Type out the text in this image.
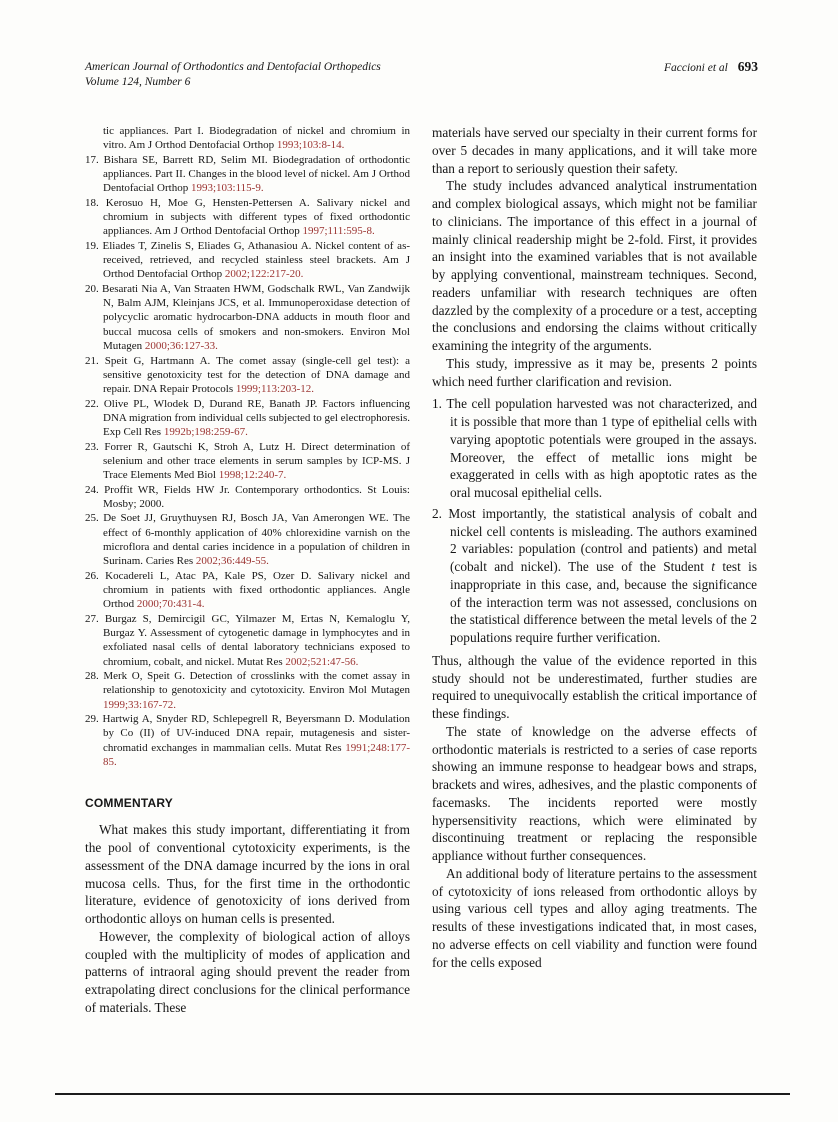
American Journal of Orthodontics and Dentofacial Orthopedics
Volume 124, Number 6
Faccioni et al 693
tic appliances. Part I. Biodegradation of nickel and chromium in vitro. Am J Orthod Dentofacial Orthop 1993;103:8-14.
17. Bishara SE, Barrett RD, Selim MI. Biodegradation of orthodontic appliances. Part II. Changes in the blood level of nickel. Am J Orthod Dentofacial Orthop 1993;103:115-9.
18. Kerosuo H, Moe G, Hensten-Pettersen A. Salivary nickel and chromium in subjects with different types of fixed orthodontic appliances. Am J Orthod Dentofacial Orthop 1997;111:595-8.
19. Eliades T, Zinelis S, Eliades G, Athanasiou A. Nickel content of as-received, retrieved, and recycled stainless steel brackets. Am J Orthod Dentofacial Orthop 2002;122:217-20.
20. Besarati Nia A, Van Straaten HWM, Godschalk RWL, Van Zandwijk N, Balm AJM, Kleinjans JCS, et al. Immunoperoxidase detection of polycyclic aromatic hydrocarbon-DNA adducts in mouth floor and buccal mucosa cells of smokers and non-smokers. Environ Mol Mutagen 2000;36:127-33.
21. Speit G, Hartmann A. The comet assay (single-cell gel test): a sensitive genotoxicity test for the detection of DNA damage and repair. DNA Repair Protocols 1999;113:203-12.
22. Olive PL, Wlodek D, Durand RE, Banath JP. Factors influencing DNA migration from individual cells subjected to gel electrophoresis. Exp Cell Res 1992b;198:259-67.
23. Forrer R, Gautschi K, Stroh A, Lutz H. Direct determination of selenium and other trace elements in serum samples by ICP-MS. J Trace Elements Med Biol 1998;12:240-7.
24. Proffit WR, Fields HW Jr. Contemporary orthodontics. St Louis: Mosby; 2000.
25. De Soet JJ, Gruythuysen RJ, Bosch JA, Van Amerongen WE. The effect of 6-monthly application of 40% chlorexidine varnish on the microflora and dental caries incidence in a population of children in Surinam. Caries Res 2002;36:449-55.
26. Kocadereli L, Atac PA, Kale PS, Ozer D. Salivary nickel and chromium in patients with fixed orthodontic appliances. Angle Orthod 2000;70:431-4.
27. Burgaz S, Demircigil GC, Yilmazer M, Ertas N, Kemaloglu Y, Burgaz Y. Assessment of cytogenetic damage in lymphocytes and in exfoliated nasal cells of dental laboratory technicians exposed to chromium, cobalt, and nickel. Mutat Res 2002;521:47-56.
28. Merk O, Speit G. Detection of crosslinks with the comet assay in relationship to genotoxicity and cytotoxicity. Environ Mol Mutagen 1999;33:167-72.
29. Hartwig A, Snyder RD, Schlepegrell R, Beyersmann D. Modulation by Co (II) of UV-induced DNA repair, mutagenesis and sister-chromatid exchanges in mammalian cells. Mutat Res 1991;248:177-85.
COMMENTARY

What makes this study important, differentiating it from the pool of conventional cytotoxicity experiments, is the assessment of the DNA damage incurred by the ions in oral mucosa cells. Thus, for the first time in the orthodontic literature, evidence of genotoxicity of ions derived from orthodontic alloys on human cells is presented.

However, the complexity of biological action of alloys coupled with the multiplicity of modes of application and patterns of intraoral aging should prevent the reader from extrapolating direct conclusions for the clinical performance of materials. These

materials have served our specialty in their current forms for over 5 decades in many applications, and it will take more than a report to seriously question their safety.

The study includes advanced analytical instrumentation and complex biological assays, which might not be familiar to clinicians. The importance of this effect in a journal of mainly clinical readership might be 2-fold. First, it provides an insight into the examined variables that is not available by applying conventional, mainstream techniques. Second, readers unfamiliar with research techniques are often dazzled by the complexity of a procedure or a test, accepting the conclusions and endorsing the claims without critically examining the integrity of the arguments.

This study, impressive as it may be, presents 2 points which need further clarification and revision.

1. The cell population harvested was not characterized, and it is possible that more than 1 type of epithelial cells with varying apoptotic potentials were grouped in the assays. Moreover, the effect of metallic ions might be exaggerated in cells with as high apoptotic rates as the oral mucosal epithelial cells.
2. Most importantly, the statistical analysis of cobalt and nickel cell contents is misleading. The authors examined 2 variables: population (control and patients) and metal (cobalt and nickel). The use of the Student t test is inappropriate in this case, and, because the significance of the interaction term was not assessed, conclusions on the statistical difference between the metal levels of the 2 populations require further verification.

Thus, although the value of the evidence reported in this study should not be underestimated, further studies are required to unequivocally establish the critical importance of these findings.

The state of knowledge on the adverse effects of orthodontic materials is restricted to a series of case reports showing an immune response to headgear bows and straps, brackets and wires, adhesives, and the plastic components of facemasks. The incidents reported were mostly hypersensitivity reactions, which were eliminated by discontinuing treatment or replacing the responsible appliance without further consequences.

An additional body of literature pertains to the assessment of cytotoxicity of ions released from orthodontic alloys by using various cell types and alloy aging treatments. The results of these investigations indicated that, in most cases, no adverse effects on cell viability and function were found for the cells exposed
